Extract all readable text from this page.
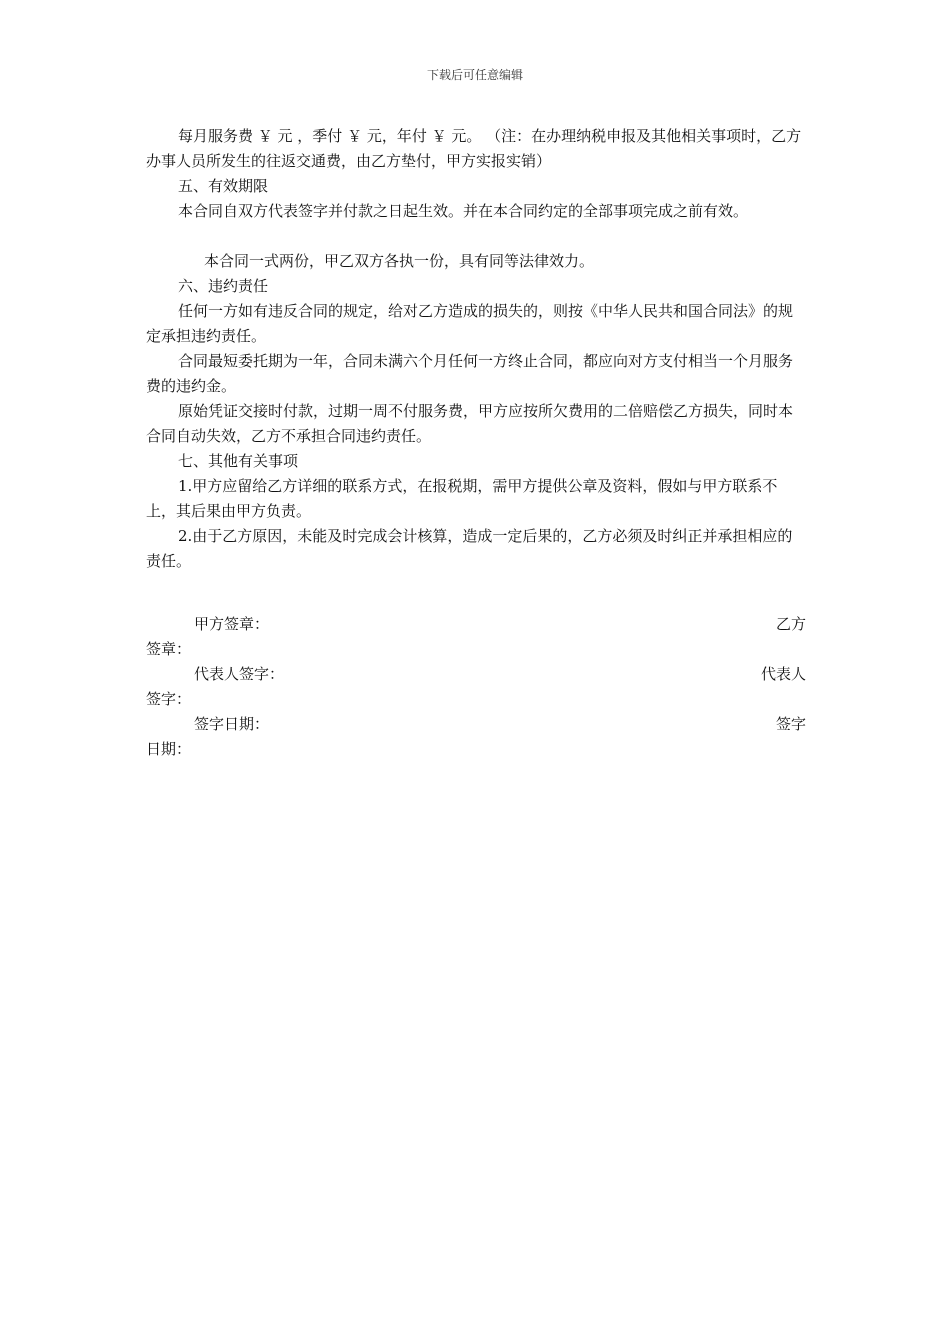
下载后可任意编辑

每月服务费 ￥ 元 ，季付 ￥ 元，年付 ￥ 元。 （注：在办理纳税申报及其他相关事项时，乙方办事人员所发生的往返交通费，由乙方垫付，甲方实报实销）

五、有效期限

本合同自双方代表签字并付款之日起生效。并在本合同约定的全部事项完成之前有效。

本合同一式两份，甲乙双方各执一份，具有同等法律效力。

六、违约责任

任何一方如有违反合同的规定，给对乙方造成的损失的，则按《中华人民共和国合同法》的规定承担违约责任。

合同最短委托期为一年，合同未满六个月任何一方终止合同，都应向对方支付相当一个月服务费的违约金。

原始凭证交接时付款，过期一周不付服务费，甲方应按所欠费用的二倍赔偿乙方损失，同时本合同自动失效，乙方不承担合同违约责任。

七、其他有关事项

1.甲方应留给乙方详细的联系方式，在报税期，需甲方提供公章及资料，假如与甲方联系不上，其后果由甲方负责。

2.由于乙方原因，未能及时完成会计核算，造成一定后果的，乙方必须及时纠正并承担相应的责任。

甲方签章：	乙方
签章：
代表人签字：	代表人
签字：
签字日期：	签字
日期：
